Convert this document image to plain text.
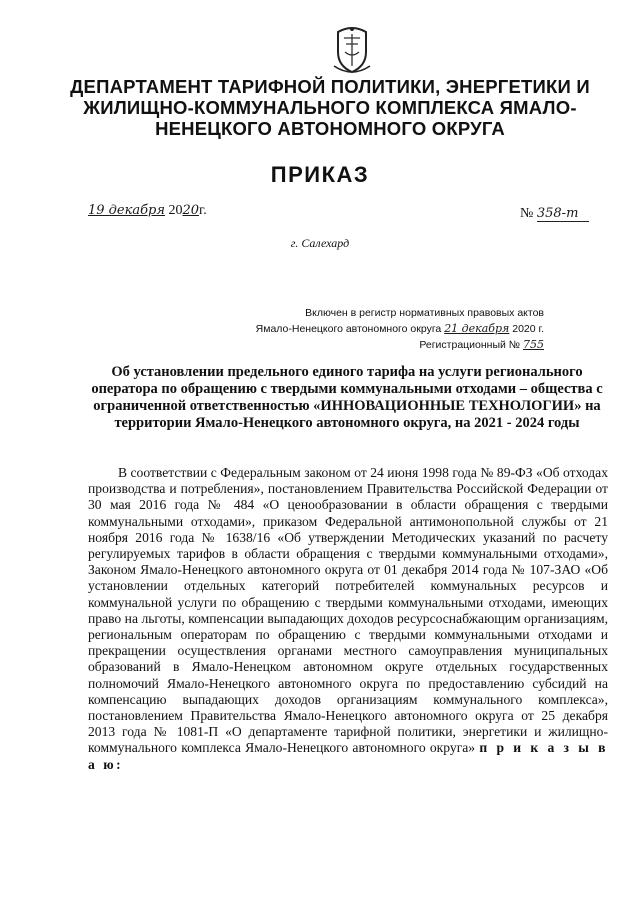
ДЕПАРТАМЕНТ ТАРИФНОЙ ПОЛИТИКИ, ЭНЕРГЕТИКИ И ЖИЛИЩНО-КОММУНАЛЬНОГО КОМПЛЕКСА ЯМАЛО-НЕНЕЦКОГО АВТОНОМНОГО ОКРУГА
ПРИКАЗ
19 декабря 2020г.	№ 358-т
г. Салехард
Включен в регистр нормативных правовых актов
Ямало-Ненецкого автономного округа 21 декабря 2020 г.
Регистрационный № 755

Об установлении предельного единого тарифа на услуги регионального оператора по обращению с твердыми коммунальными отходами – общества с ограниченной ответственностью «ИННОВАЦИОННЫЕ ТЕХНОЛОГИИ» на территории Ямало-Ненецкого автономного округа, на 2021 - 2024 годы

В соответствии с Федеральным законом от 24 июня 1998 года № 89-ФЗ «Об отходах производства и потребления», постановлением Правительства Российской Федерации от 30 мая 2016 года № 484 «О ценообразовании в области обращения с твердыми коммунальными отходами», приказом Федеральной антимонопольной службы от 21 ноября 2016 года № 1638/16 «Об утверждении Методических указаний по расчету регулируемых тарифов в области обращения с твердыми коммунальными отходами», Законом Ямало-Ненецкого автономного округа от 01 декабря 2014 года № 107-ЗАО «Об установлении отдельных категорий потребителей коммунальных ресурсов и коммунальной услуги по обращению с твердыми коммунальными отходами, имеющих право на льготы, компенсации выпадающих доходов ресурсоснабжающим организациям, региональным операторам по обращению с твердыми коммунальными отходами и прекращении осуществления органами местного самоуправления муниципальных образований в Ямало-Ненецком автономном округе отдельных государственных полномочий Ямало-Ненецкого автономного округа по предоставлению субсидий на компенсацию выпадающих доходов организациям коммунального комплекса», постановлением Правительства Ямало-Ненецкого автономного округа от 25 декабря 2013 года № 1081-П «О департаменте тарифной политики, энергетики и жилищно-коммунального комплекса Ямало-Ненецкого автономного округа» п р и к а з ы в а ю:
